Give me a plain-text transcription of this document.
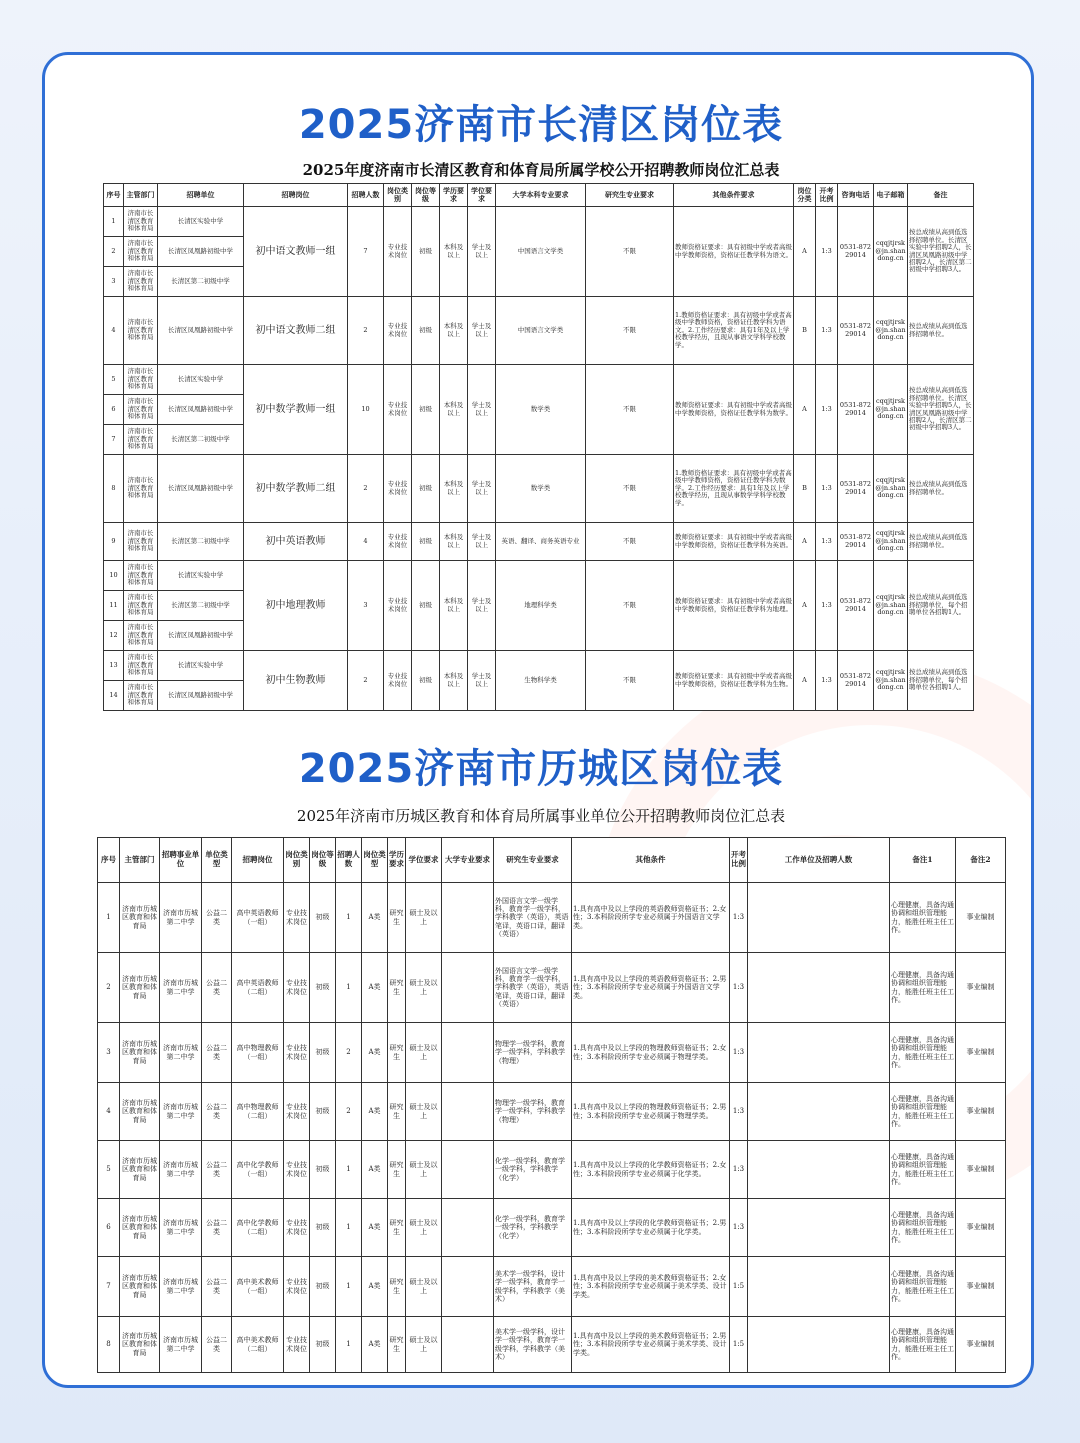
2025济南市长清区岗位表
2025年度济南市长清区教育和体育局所属学校公开招聘教师岗位汇总表
序号	主管部门	招聘单位	招聘岗位	招聘人数	岗位类别	岗位等级	学历要求	学位要求	大学本科专业要求	研究生专业要求	其他条件要求	岗位分类	开考比例	咨询电话	电子邮箱	备注
1	济南市长清区教育和体育局	长清区实验中学	初中语文教师一组	7	专业技术岗位	初级	本科及以上	学士及以上	中国语言文学类	不限	教师资格证要求：具有初级中学或者高级中学教师资格，资格证任教学科为语文。	A	1:3	0531-87229014	cqqjtjrsk@jn.shandong.cn	按总成绩从高到低选择招聘单位。长清区实验中学招聘2人，长清区凤凰路初级中学招聘2人，长清区第二初级中学招聘3人。
2	济南市长清区教育和体育局	长清区凤凰路初级中学														
3	济南市长清区教育和体育局	长清区第二初级中学														
4	济南市长清区教育和体育局	长清区凤凰路初级中学	初中语文教师二组	2	专业技术岗位	初级	本科及以上	学士及以上	中国语言文学类	不限	1.教师资格证要求：具有初级中学或者高级中学教师资格，资格证任教学科为语文。2.工作经历要求：具有1年及以上学校教学经历，且现从事语文学科学校教学。	B	1:3	0531-87229014	cqqjtjrsk@jn.shandong.cn	按总成绩从高到低选择招聘单位。
5	济南市长清区教育和体育局	长清区实验中学	初中数学教师一组	10	专业技术岗位	初级	本科及以上	学士及以上	数学类	不限	教师资格证要求：具有初级中学或者高级中学教师资格，资格证任教学科为数学。	A	1:3	0531-87229014	cqqjtjrsk@jn.shandong.cn	按总成绩从高到低选择招聘单位。长清区实验中学招聘5人，长清区凤凰路初级中学招聘2人，长清区第二初级中学招聘3人。
6	济南市长清区教育和体育局	长清区凤凰路初级中学														
7	济南市长清区教育和体育局	长清区第二初级中学														
8	济南市长清区教育和体育局	长清区凤凰路初级中学	初中数学教师二组	2	专业技术岗位	初级	本科及以上	学士及以上	数学类	不限	1.教师资格证要求：具有初级中学或者高级中学教师资格，资格证任教学科为数学。2.工作经历要求：具有1年及以上学校教学经历，且现从事数学学科学校教学。	B	1:3	0531-87229014	cqqjtjrsk@jn.shandong.cn	按总成绩从高到低选择招聘单位。
9	济南市长清区教育和体育局	长清区第二初级中学	初中英语教师	4	专业技术岗位	初级	本科及以上	学士及以上	英语、翻译、商务英语专业	不限	教师资格证要求：具有初级中学或者高级中学教师资格，资格证任教学科为英语。	A	1:3	0531-87229014	cqqjtjrsk@jn.shandong.cn	按总成绩从高到低选择招聘单位。
10	济南市长清区教育和体育局	长清区实验中学	初中地理教师	3	专业技术岗位	初级	本科及以上	学士及以上	地理科学类	不限	教师资格证要求：具有初级中学或者高级中学教师资格，资格证任教学科为地理。	A	1:3	0531-87229014	cqqjtjrsk@jn.shandong.cn	按总成绩从高到低选择招聘单位，每个招聘单位各招聘1人。
11	济南市长清区教育和体育局	长清区第二初级中学														
12	济南市长清区教育和体育局	长清区凤凰路初级中学														
13	济南市长清区教育和体育局	长清区实验中学	初中生物教师	2	专业技术岗位	初级	本科及以上	学士及以上	生物科学类	不限	教师资格证要求：具有初级中学或者高级中学教师资格，资格证任教学科为生物。	A	1:3	0531-87229014	cqqjtjrsk@jn.shandong.cn	按总成绩从高到低选择招聘单位，每个招聘单位各招聘1人。
14	济南市长清区教育和体育局	长清区凤凰路初级中学														
2025济南市历城区岗位表
2025年济南市历城区教育和体育局所属事业单位公开招聘教师岗位汇总表
序号	主管部门	招聘事业单位	单位类型	招聘岗位	岗位类别	岗位等级	招聘人数	岗位类型	学历要求	学位要求	大学专业要求	研究生专业要求	其他条件	开考比例	工作单位及招聘人数	备注1	备注2
1	济南市历城区教育和体育局	济南市历城第二中学	公益二类	高中英语教师（一组）	专业技术岗位	初级	1	A类	研究生	硕士及以上		外国语言文学一级学科，教育学一级学科，学科教学（英语），英语笔译，英语口译，翻译（英语）	1.具有高中及以上学段的英语教师资格证书；2.女性；3.本科阶段所学专业必须属于外国语言文学类。	1:3		心理健康，具备沟通协调和组织管理能力，能胜任班主任工作。	事业编制
2	济南市历城区教育和体育局	济南市历城第二中学	公益二类	高中英语教师（二组）	专业技术岗位	初级	1	A类	研究生	硕士及以上		外国语言文学一级学科，教育学一级学科，学科教学（英语），英语笔译，英语口译，翻译（英语）	1.具有高中及以上学段的英语教师资格证书；2.男性；3.本科阶段所学专业必须属于外国语言文学类。	1:3		心理健康，具备沟通协调和组织管理能力，能胜任班主任工作。	事业编制
3	济南市历城区教育和体育局	济南市历城第二中学	公益二类	高中物理教师（一组）	专业技术岗位	初级	2	A类	研究生	硕士及以上		物理学一级学科，教育学一级学科，学科教学（物理）	1.具有高中及以上学段的物理教师资格证书；2.女性；3.本科阶段所学专业必须属于物理学类。	1:3		心理健康，具备沟通协调和组织管理能力，能胜任班主任工作。	事业编制
4	济南市历城区教育和体育局	济南市历城第二中学	公益二类	高中物理教师（二组）	专业技术岗位	初级	2	A类	研究生	硕士及以上		物理学一级学科，教育学一级学科，学科教学（物理）	1.具有高中及以上学段的物理教师资格证书；2.男性；3.本科阶段所学专业必须属于物理学类。	1:3		心理健康，具备沟通协调和组织管理能力，能胜任班主任工作。	事业编制
5	济南市历城区教育和体育局	济南市历城第二中学	公益二类	高中化学教师（一组）	专业技术岗位	初级	1	A类	研究生	硕士及以上		化学一级学科，教育学一级学科，学科教学（化学）	1.具有高中及以上学段的化学教师资格证书；2.女性；3.本科阶段所学专业必须属于化学类。	1:3		心理健康，具备沟通协调和组织管理能力，能胜任班主任工作。	事业编制
6	济南市历城区教育和体育局	济南市历城第二中学	公益二类	高中化学教师（二组）	专业技术岗位	初级	1	A类	研究生	硕士及以上		化学一级学科，教育学一级学科，学科教学（化学）	1.具有高中及以上学段的化学教师资格证书；2.男性；3.本科阶段所学专业必须属于化学类。	1:3		心理健康，具备沟通协调和组织管理能力，能胜任班主任工作。	事业编制
7	济南市历城区教育和体育局	济南市历城第二中学	公益二类	高中美术教师（一组）	专业技术岗位	初级	1	A类	研究生	硕士及以上		美术学一级学科，设计学一级学科，教育学一级学科，学科教学（美术）	1.具有高中及以上学段的美术教师资格证书；2.女性；3.本科阶段所学专业必须属于美术学类、设计学类。	1:5		心理健康，具备沟通协调和组织管理能力，能胜任班主任工作。	事业编制
8	济南市历城区教育和体育局	济南市历城第二中学	公益二类	高中美术教师（二组）	专业技术岗位	初级	1	A类	研究生	硕士及以上		美术学一级学科，设计学一级学科，教育学一级学科，学科教学（美术）	1.具有高中及以上学段的美术教师资格证书；2.男性；3.本科阶段所学专业必须属于美术学类、设计学类。	1:5		心理健康，具备沟通协调和组织管理能力，能胜任班主任工作。	事业编制
